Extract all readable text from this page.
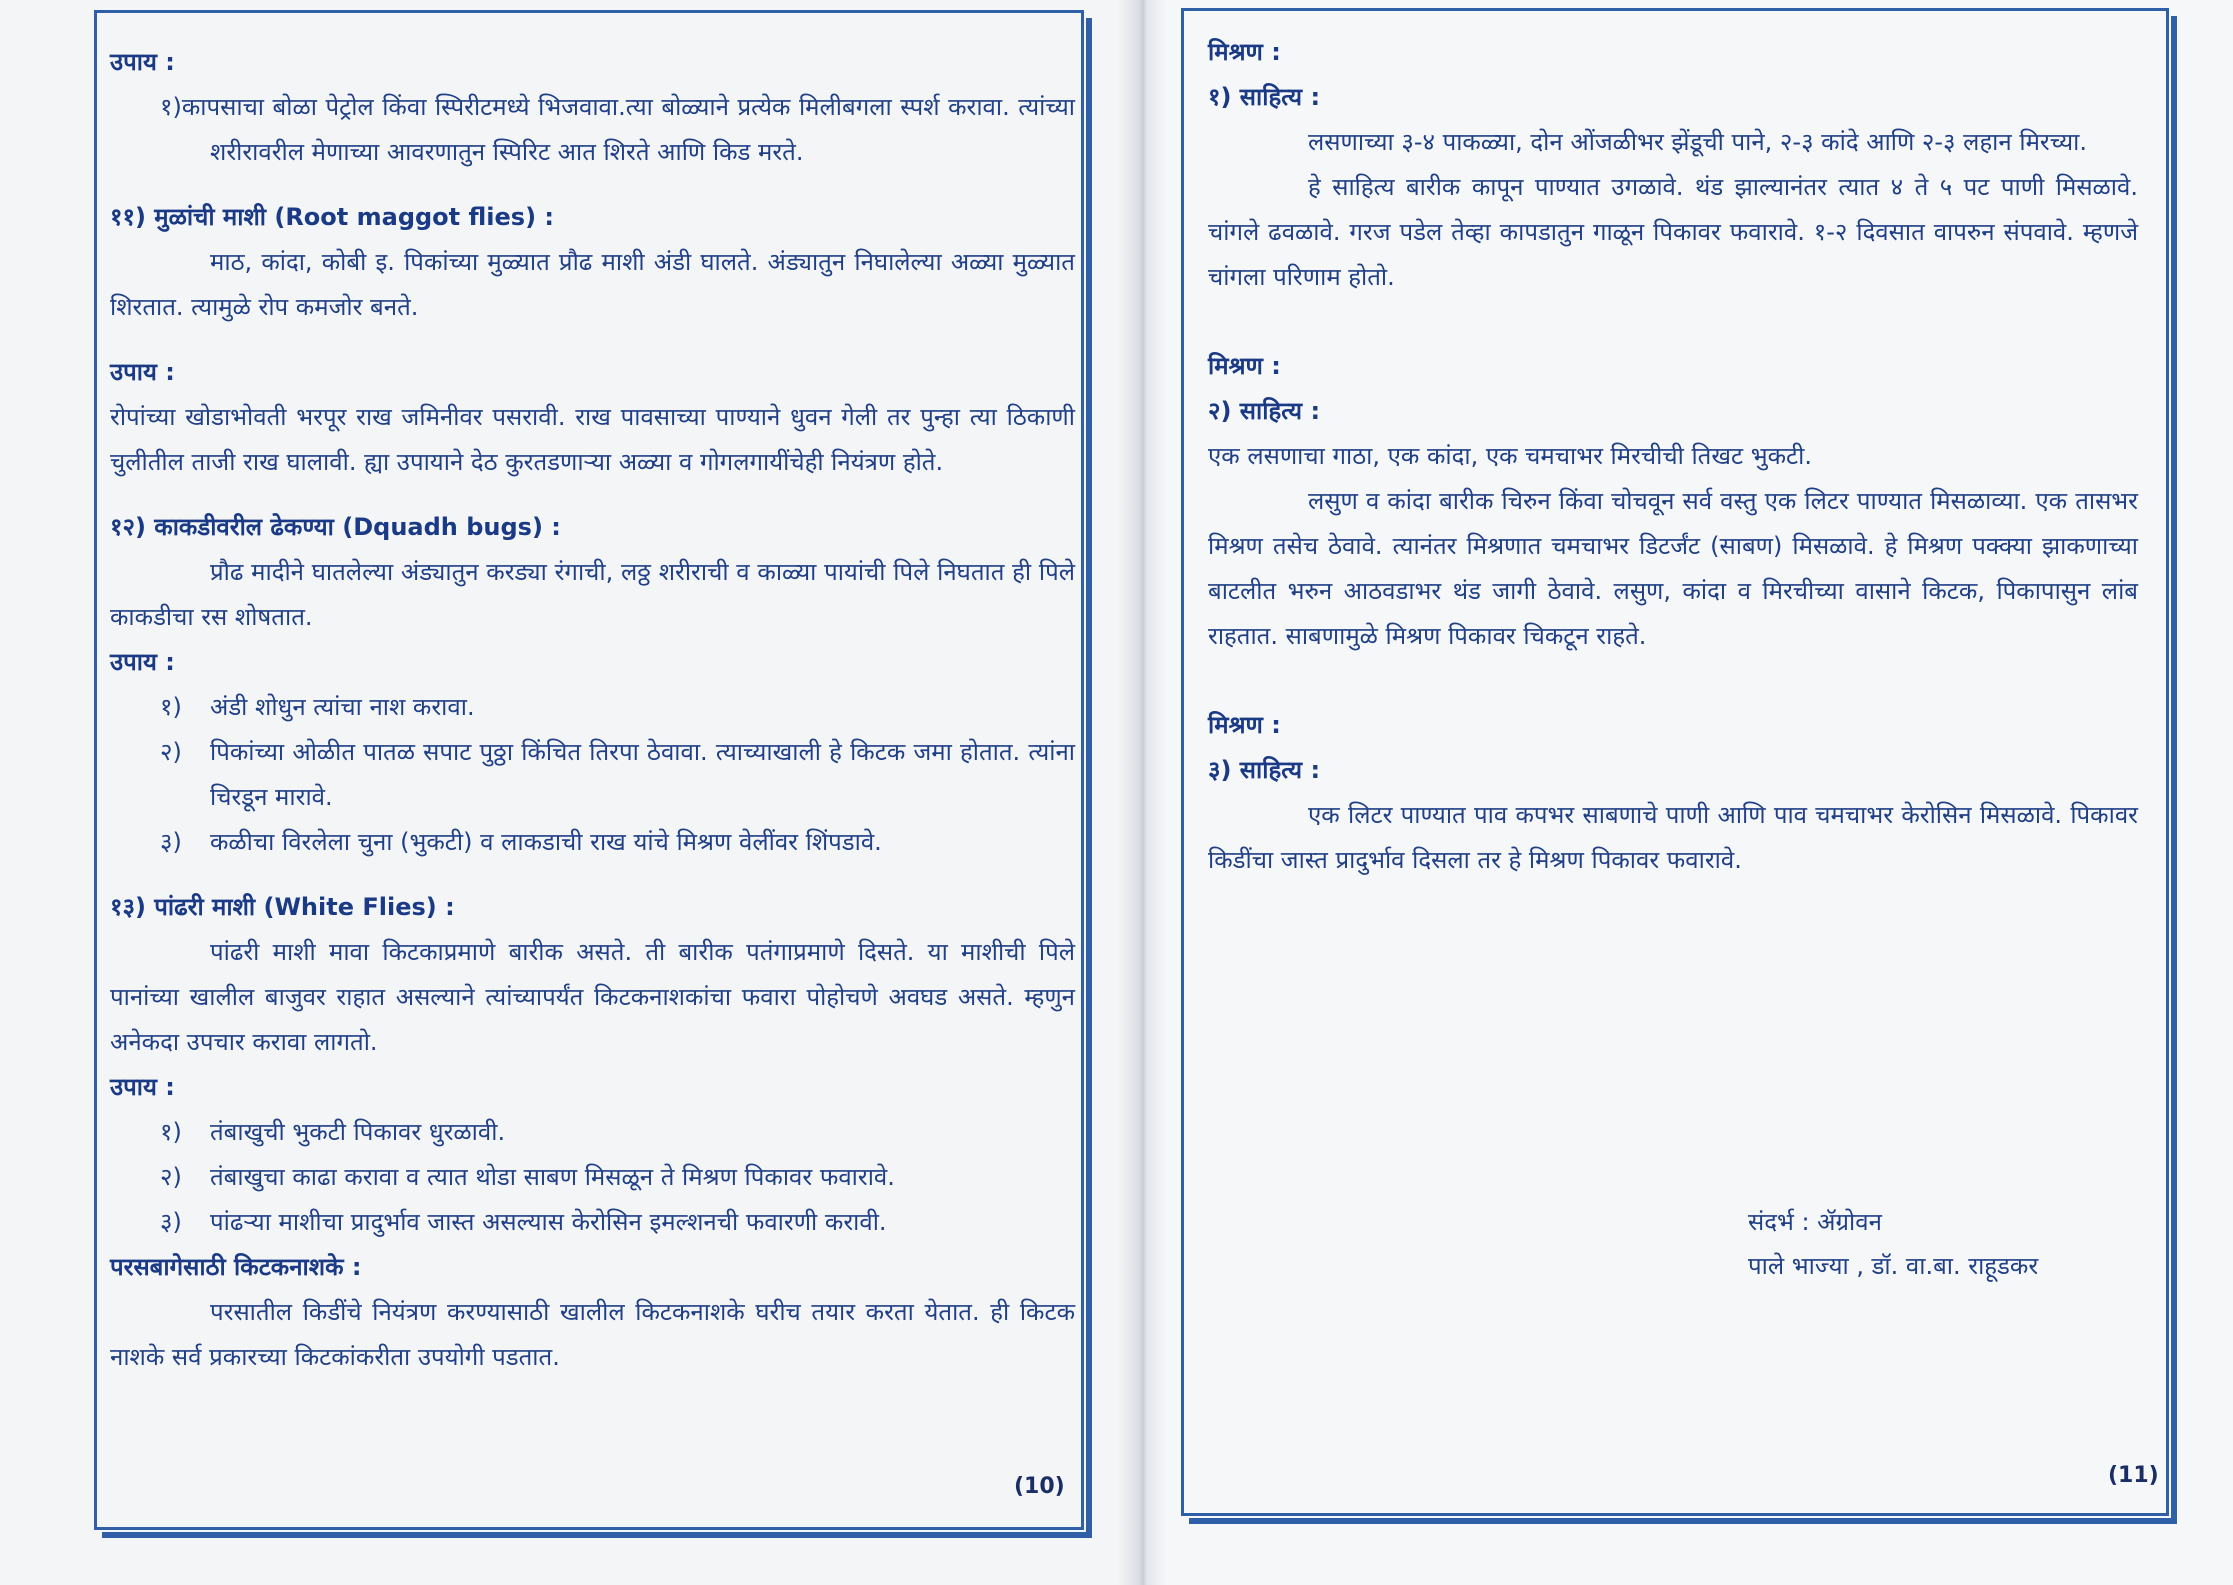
उपाय :
१)कापसाचा बोळा पेट्रोल किंवा स्पिरीटमध्ये भिजवावा.त्या बोळ्याने प्रत्येक मिलीबगला स्पर्श करावा. त्यांच्या शरीरावरील मेणाच्या आवरणातुन स्पिरिट आत शिरते आणि किड मरते.
११) मुळांची माशी (Root maggot flies) :
माठ, कांदा, कोबी इ. पिकांच्या मुळ्यात प्रौढ माशी अंडी घालते. अंड्यातुन निघालेल्या अळ्या मुळ्यात शिरतात. त्यामुळे रोप कमजोर बनते.
उपाय :
रोपांच्या खोडाभोवती भरपूर राख जमिनीवर पसरावी. राख पावसाच्या पाण्याने धुवन गेली तर पुन्हा त्या ठिकाणी चुलीतील ताजी राख घालावी. ह्या उपायाने देठ कुरतडणाऱ्या अळ्या व गोगलगायींचेही नियंत्रण होते.
१२) काकडीवरील ढेकण्या (Dquadh bugs) :
प्रौढ मादीने घातलेल्या अंड्यातुन करड्या रंगाची, लठ्ठ शरीराची व काळ्या पायांची पिले निघतात ही पिले काकडीचा रस शोषतात.
उपाय :
१) अंडी शोधुन त्यांचा नाश करावा.
२) पिकांच्या ओळीत पातळ सपाट पुठ्ठा किंचित तिरपा ठेवावा. त्याच्याखाली हे किटक जमा होतात. त्यांना चिरडून मारावे.
३) कळीचा विरलेला चुना (भुकटी) व लाकडाची राख यांचे मिश्रण वेलींवर शिंपडावे.
१३) पांढरी माशी (White Flies) :
पांढरी माशी मावा किटकाप्रमाणे बारीक असते. ती बारीक पतंगाप्रमाणे दिसते. या माशीची पिले पानांच्या खालील बाजुवर राहात असल्याने त्यांच्यापर्यंत किटकनाशकांचा फवारा पोहोचणे अवघड असते. म्हणुन अनेकदा उपचार करावा लागतो.
उपाय :
१) तंबाखुची भुकटी पिकावर धुरळावी.
२) तंबाखुचा काढा करावा व त्यात थोडा साबण मिसळून ते मिश्रण पिकावर फवारावे.
३) पांढऱ्या माशीचा प्रादुर्भाव जास्त असल्यास केरोसिन इमल्शनची फवारणी करावी.
परसबागेसाठी किटकनाशके :
परसातील किडींचे नियंत्रण करण्यासाठी खालील किटकनाशके घरीच तयार करता येतात. ही किटक नाशके सर्व प्रकारच्या किटकांकरीता उपयोगी पडतात.
(10)
मिश्रण :
१) साहित्य :
लसणाच्या ३-४ पाकळ्या, दोन ओंजळीभर झेंडूची पाने, २-३ कांदे आणि २-३ लहान मिरच्या.
हे साहित्य बारीक कापून पाण्यात उगळावे. थंड झाल्यानंतर त्यात ४ ते ५ पट पाणी मिसळावे. चांगले ढवळावे. गरज पडेल तेव्हा कापडातुन गाळून पिकावर फवारावे. १-२ दिवसात वापरुन संपवावे. म्हणजे चांगला परिणाम होतो.
मिश्रण :
२) साहित्य :
एक लसणाचा गाठा, एक कांदा, एक चमचाभर मिरचीची तिखट भुकटी.
लसुण व कांदा बारीक चिरुन किंवा चोचवून सर्व वस्तु एक लिटर पाण्यात मिसळाव्या. एक तासभर मिश्रण तसेच ठेवावे. त्यानंतर मिश्रणात चमचाभर डिटर्जंट (साबण) मिसळावे. हे मिश्रण पक्क्या झाकणाच्या बाटलीत भरुन आठवडाभर थंड जागी ठेवावे. लसुण, कांदा व मिरचीच्या वासाने किटक, पिकापासुन लांब राहतात. साबणामुळे मिश्रण पिकावर चिकटून राहते.
मिश्रण :
३) साहित्य :
एक लिटर पाण्यात पाव कपभर साबणाचे पाणी आणि पाव चमचाभर केरोसिन मिसळावे. पिकावर किडींचा जास्त प्रादुर्भाव दिसला तर हे मिश्रण पिकावर फवारावे.
संदर्भ : ॲग्रोवन
पाले भाज्या , डॉ. वा.बा. राहूडकर
(11)
